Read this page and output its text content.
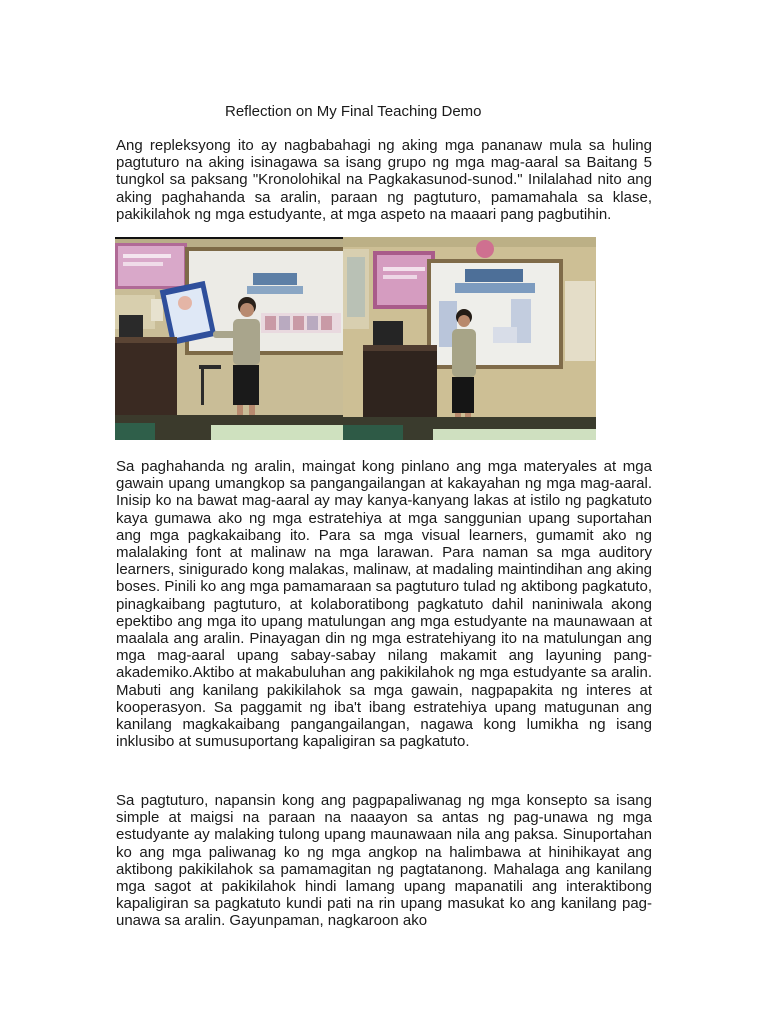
Reflection on My Final Teaching Demo

Ang repleksyong ito ay nagbabahagi ng aking mga pananaw mula sa huling pagtuturo na aking isinagawa sa isang grupo ng mga mag-aaral sa Baitang 5 tungkol sa paksang "Kronolohikal na Pagkakasunod-sunod." Inilalahad nito ang aking paghahanda sa aralin, paraan ng pagtuturo, pamamahala sa klase, pakikilahok ng mga estudyante, at mga aspeto na maaari pang pagbutihin.

Sa paghahanda ng aralin, maingat kong pinlano ang mga materyales at mga gawain upang umangkop sa pangangailangan at kakayahan ng mga mag-aaral. Inisip ko na bawat mag-aaral ay may kanya-kanyang lakas at istilo ng pagkatuto kaya gumawa ako ng mga estratehiya at mga sanggunian upang suportahan ang mga pagkakaibang ito. Para sa mga visual learners, gumamit ako ng malalaking font at malinaw na mga larawan. Para naman sa mga auditory learners, sinigurado kong malakas, malinaw, at madaling maintindihan ang aking boses. Pinili ko ang mga pamamaraan sa pagtuturo tulad ng aktibong pagkatuto, pinagkaibang pagtuturo, at kolaboratibong pagkatuto dahil naniniwala akong epektibo ang mga ito upang matulungan ang mga estudyante na maunawaan at maalala ang aralin. Pinayagan din ng mga estratehiyang ito na matulungan ang mga mag-aaral upang sabay-sabay nilang makamit ang layuning pang-akademiko.Aktibo at makabuluhan ang pakikilahok ng mga estudyante sa aralin. Mabuti ang kanilang pakikilahok sa mga gawain, nagpapakita ng interes at kooperasyon. Sa paggamit ng iba't ibang estratehiya upang matugunan ang kanilang magkakaibang pangangailangan, nagawa kong lumikha ng isang inklusibo at sumusuportang kapaligiran sa pagkatuto.

Sa pagtuturo, napansin kong ang pagpapaliwanag ng mga konsepto sa isang simple at maigsi na paraan na naaayon sa antas ng pag-unawa ng mga estudyante ay malaking tulong upang maunawaan nila ang paksa. Sinuportahan ko ang mga paliwanag ko ng mga angkop na halimbawa at hinihikayat ang aktibong pakikilahok sa pamamagitan ng pagtatanong. Mahalaga ang kanilang mga sagot at pakikilahok hindi lamang upang mapanatili ang interaktibong kapaligiran sa pagkatuto kundi pati na rin upang masukat ko ang kanilang pag-unawa sa aralin. Gayunpaman, nagkaroon ako
